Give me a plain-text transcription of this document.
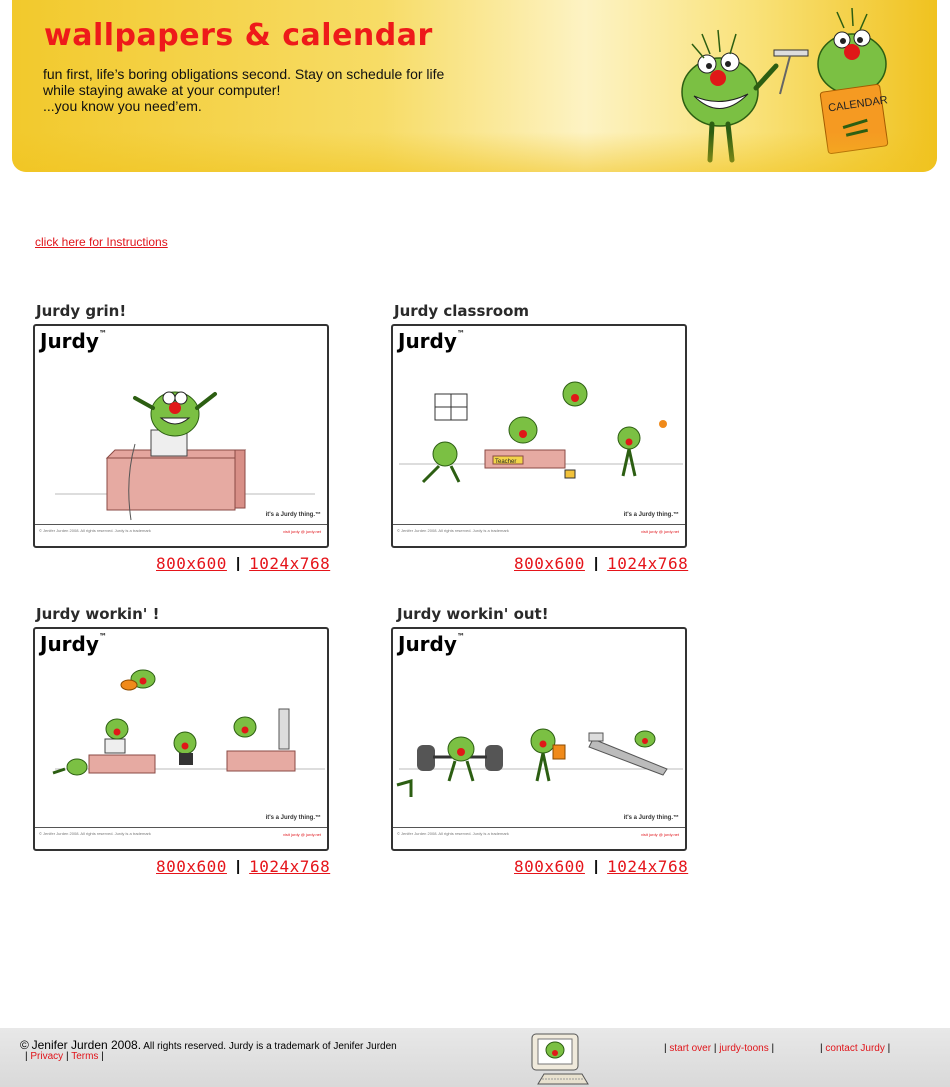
wallpapers & calendar
fun first, life’s boring obligations second. Stay on schedule for life
while staying awake at your computer!
...you know you need’em.	CALENDAR
click here for Instructions
Jurdy grin!
Jurdy™
it's a Jurdy thing.™
© Jenifer Jurden 2008. All rights reserved. Jurdy is a trademark	visit jurdy @ jurdy.net
800x600 | 1024x768
Jurdy classroom
Jurdy™
Teacher
it's a Jurdy thing.™
© Jenifer Jurden 2008. All rights reserved. Jurdy is a trademark	visit jurdy @ jurdy.net
800x600 | 1024x768
Jurdy workin' !
Jurdy™
it's a Jurdy thing.™
© Jenifer Jurden 2008. All rights reserved. Jurdy is a trademark	visit jurdy @ jurdy.net
800x600 | 1024x768
Jurdy workin' out!
Jurdy™
it's a Jurdy thing.™
© Jenifer Jurden 2008. All rights reserved. Jurdy is a trademark	visit jurdy @ jurdy.net
800x600 | 1024x768
© Jenifer Jurden 2008. All rights reserved. Jurdy is a trademark of Jenifer Jurden
| Privacy | Terms |
| start over | jurdy-toons |	| contact Jurdy |
